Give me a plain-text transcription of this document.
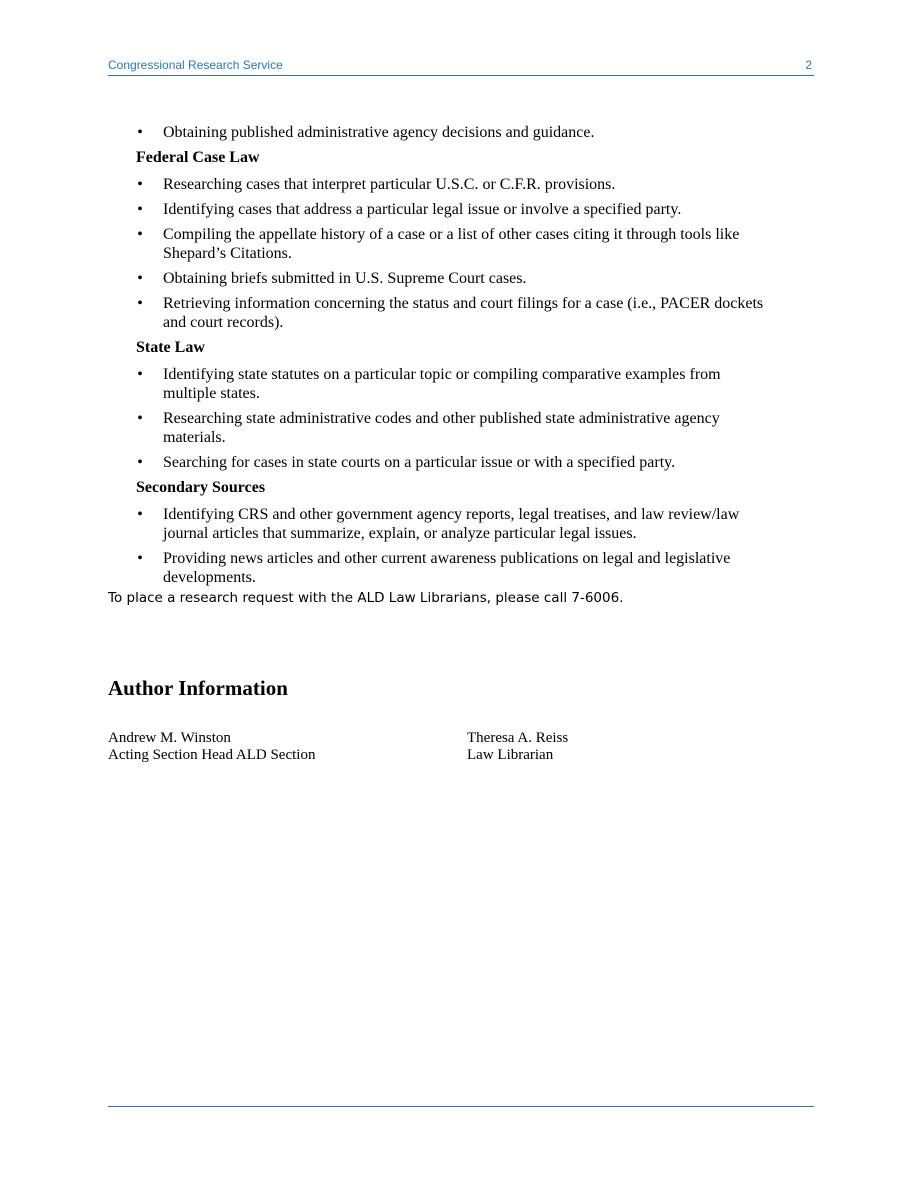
Congressional Research Service	2
• Obtaining published administrative agency decisions and guidance.
Federal Case Law
• Researching cases that interpret particular U.S.C. or C.F.R. provisions.
• Identifying cases that address a particular legal issue or involve a specified party.
• Compiling the appellate history of a case or a list of other cases citing it through tools like Shepard’s Citations.
• Obtaining briefs submitted in U.S. Supreme Court cases.
• Retrieving information concerning the status and court filings for a case (i.e., PACER dockets and court records).
State Law
• Identifying state statutes on a particular topic or compiling comparative examples from multiple states.
• Researching state administrative codes and other published state administrative agency materials.
• Searching for cases in state courts on a particular issue or with a specified party.
Secondary Sources
• Identifying CRS and other government agency reports, legal treatises, and law review/law journal articles that summarize, explain, or analyze particular legal issues.
• Providing news articles and other current awareness publications on legal and legislative developments.
To place a research request with the ALD Law Librarians, please call 7-6006.
Author Information
Andrew M. Winston
Acting Section Head ALD Section
Theresa A. Reiss
Law Librarian
